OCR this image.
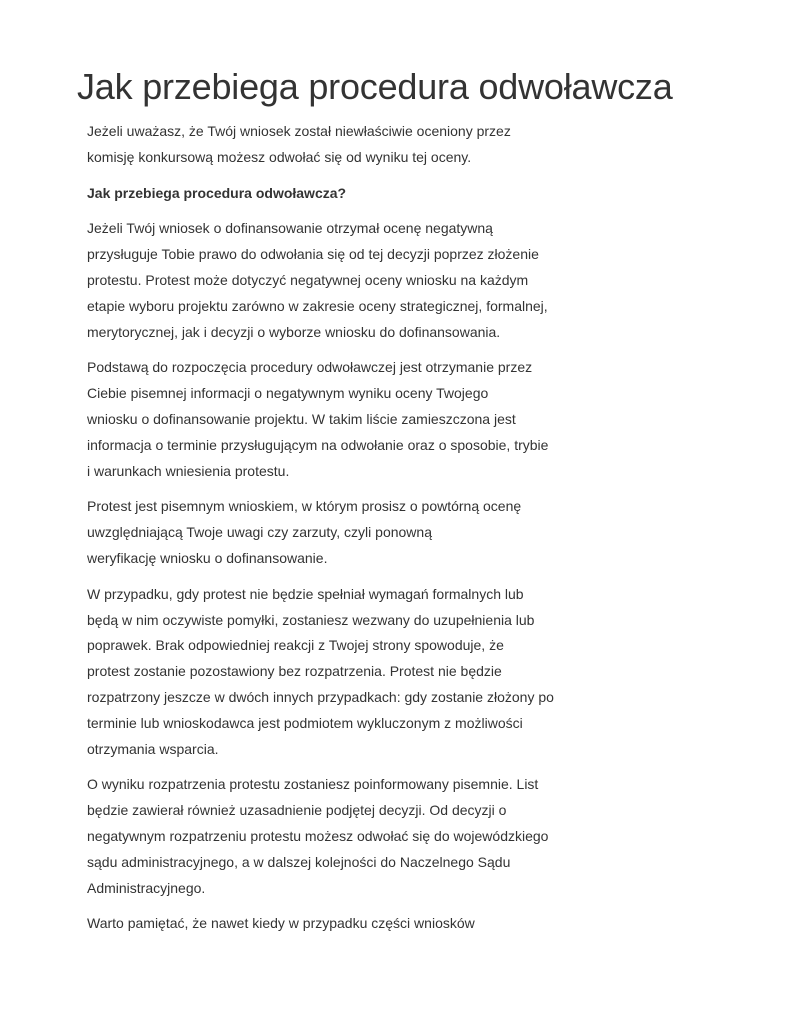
Jak przebiega procedura odwoławcza

Jeżeli uważasz, że Twój wniosek został niewłaściwie oceniony przez
komisję konkursową możesz odwołać się od wyniku tej oceny.

Jak przebiega procedura odwoławcza?

Jeżeli Twój wniosek o dofinansowanie otrzymał ocenę negatywną
przysługuje Tobie prawo do odwołania się od tej decyzji poprzez złożenie
protestu. Protest może dotyczyć negatywnej oceny wniosku na każdym
etapie wyboru projektu zarówno w zakresie oceny strategicznej, formalnej,
merytorycznej, jak i decyzji o wyborze wniosku do dofinansowania.

Podstawą do rozpoczęcia procedury odwoławczej jest otrzymanie przez
Ciebie pisemnej informacji o negatywnym wyniku oceny Twojego
wniosku o dofinansowanie projektu. W takim liście zamieszczona jest
informacja o terminie przysługującym na odwołanie oraz o sposobie, trybie
i warunkach wniesienia protestu.

Protest jest pisemnym wnioskiem, w którym prosisz o powtórną ocenę
uwzględniającą Twoje uwagi czy zarzuty, czyli ponowną
weryfikację wniosku o dofinansowanie.

W przypadku, gdy protest nie będzie spełniał wymagań formalnych lub
będą w nim oczywiste pomyłki, zostaniesz wezwany do uzupełnienia lub
poprawek. Brak odpowiedniej reakcji z Twojej strony spowoduje, że
protest zostanie pozostawiony bez rozpatrzenia. Protest nie będzie
rozpatrzony jeszcze w dwóch innych przypadkach: gdy zostanie złożony po
terminie lub wnioskodawca jest podmiotem wykluczonym z możliwości
otrzymania wsparcia.

O wyniku rozpatrzenia protestu zostaniesz poinformowany pisemnie. List
będzie zawierał również uzasadnienie podjętej decyzji. Od decyzji o
negatywnym rozpatrzeniu protestu możesz odwołać się do wojewódzkiego
sądu administracyjnego, a w dalszej kolejności do Naczelnego Sądu
Administracyjnego.

Warto pamiętać, że nawet kiedy w przypadku części wniosków
